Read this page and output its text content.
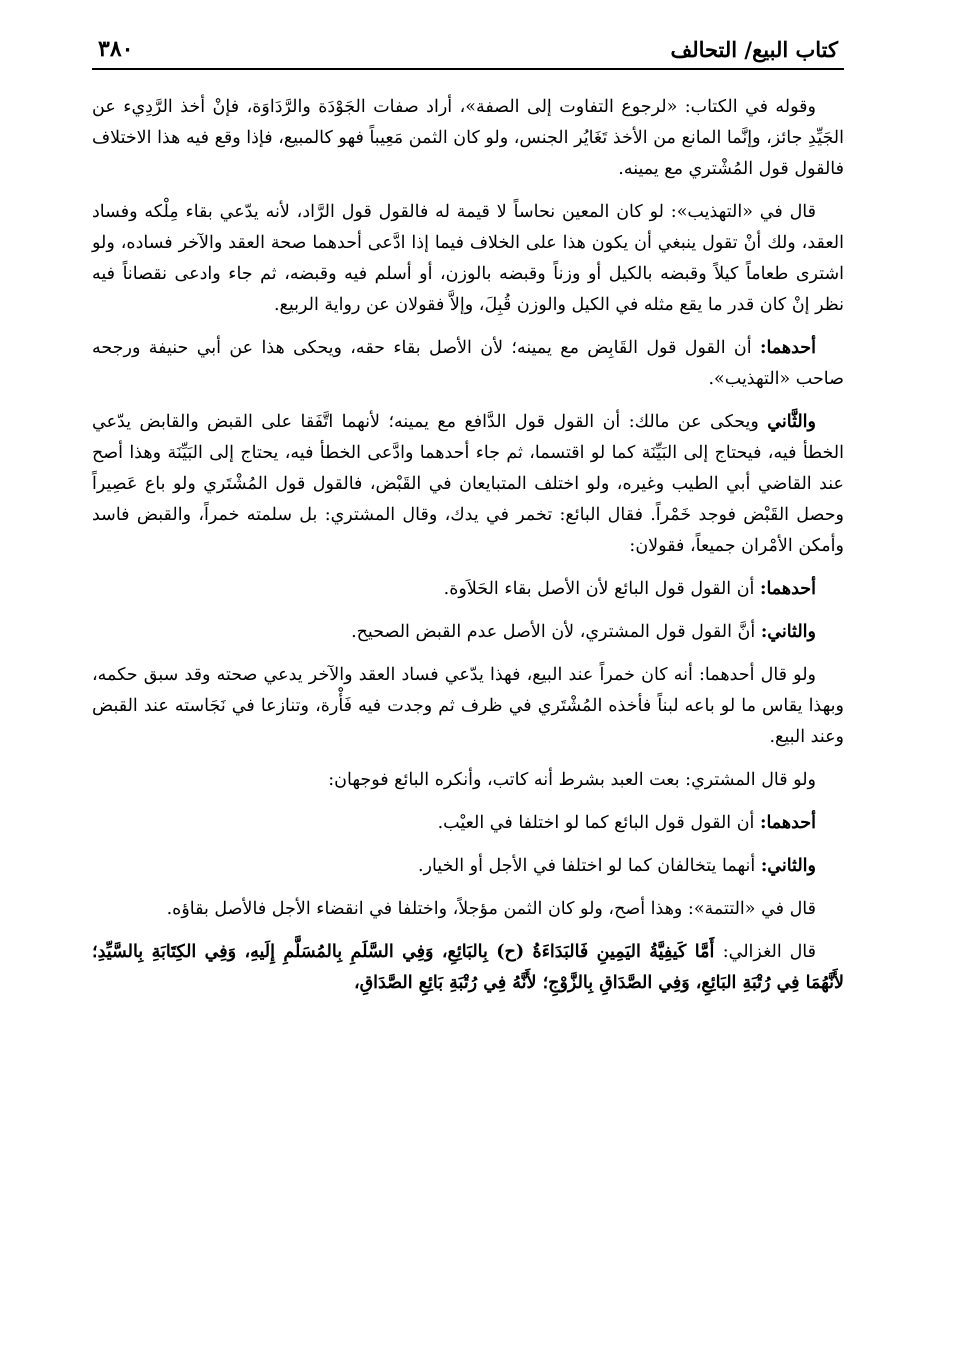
كتاب البيع/ التحالف
٣٨٠

وقوله في الكتاب: «لرجوع التفاوت إلى الصفة»، أراد صفات الجَوْدَة والرَّدَاوَة، فإنْ أخذ الرَّدِيء عن الجَيِّدِ جائز، وإنَّما المانع من الأخذ تَغَايُر الجنس، ولو كان الثمن مَعِيباً فهو كالمبيع، فإذا وقع فيه هذا الاختلاف فالقول قول المُشْتري مع يمينه.

قال في «التهذيب»: لو كان المعين نحاساً لا قيمة له فالقول قول الرَّاد، لأنه يدّعي بقاء مِلْكه وفساد العقد، ولك أنْ تقول ينبغي أن يكون هذا على الخلاف فيما إذا ادَّعى أحدهما صحة العقد والآخر فساده، ولو اشترى طعاماً كيلاً وقبضه بالكيل أو وزناً وقبضه بالوزن، أو أسلم فيه وقبضه، ثم جاء وادعى نقصاناً فيه نظر إنْ كان قدر ما يقع مثله في الكيل والوزن قُبِلَ، وإلاَّ فقولان عن رواية الربيع.

أحدهما: أن القول قول القَابِض مع يمينه؛ لأن الأصل بقاء حقه، ويحكى هذا عن أبي حنيفة ورجحه صاحب «التهذيب».

والثَّاني ويحكى عن مالك: أن القول قول الدَّافع مع يمينه؛ لأنهما اتَّفَقا على القبض والقابض يدّعي الخطأ فيه، فيحتاج إلى البَيِّنَة كما لو اقتسما، ثم جاء أحدهما وادَّعى الخطأ فيه، يحتاج إلى البَيِّنَة وهذا أصح عند القاضي أبي الطيب وغيره، ولو اختلف المتبايعان في القَبْض، فالقول قول المُشْتَري ولو باع عَصِيراً وحصل القَبْض فوجد خَمْراً. فقال البائع: تخمر في يدك، وقال المشتري: بل سلمته خمراً، والقبض فاسد وأمكن الأمْران جميعاً، فقولان:

أحدهما: أن القول قول البائع لأن الأصل بقاء الحَلاَوة.

والثاني: أنَّ القول قول المشتري، لأن الأصل عدم القبض الصحيح.

ولو قال أحدهما: أنه كان خمراً عند البيع، فهذا يدّعي فساد العقد والآخر يدعي صحته وقد سبق حكمه، وبهذا يقاس ما لو باعه لبناً فأخذه المُشْتَري في ظرف ثم وجدت فيه فَأْرة، وتنازعا في نَجَاسته عند القبض وعند البيع.

ولو قال المشتري: بعت العبد بشرط أنه كاتب، وأنكره البائع فوجهان:

أحدهما: أن القول قول البائع كما لو اختلفا في العيْب.

والثاني: أنهما يتخالفان كما لو اختلفا في الأجل أو الخيار.

قال في «التتمة»: وهذا أصح، ولو كان الثمن مؤجلاً، واختلفا في انقضاء الأجل فالأصل بقاؤه.

قال الغزالي: أَمَّا كَيفِيَّةُ اليَمِينِ فَالبَدَاءَةُ (ح) بِالبَائِعِ، وَفِي السَّلَمِ بِالمُسَلَّمِ إِلَيهِ، وَفِي الكِتَابَةِ بِالسَّيِّدِ؛ لأَنَّهُمَا فِي رُتْبَةِ البَائِعِ، وَفِي الصَّدَاقِ بِالزَّوْجِ؛ لأَنَّهُ فِي رُتْبَةِ بَائِعِ الصَّدَاقِ،
